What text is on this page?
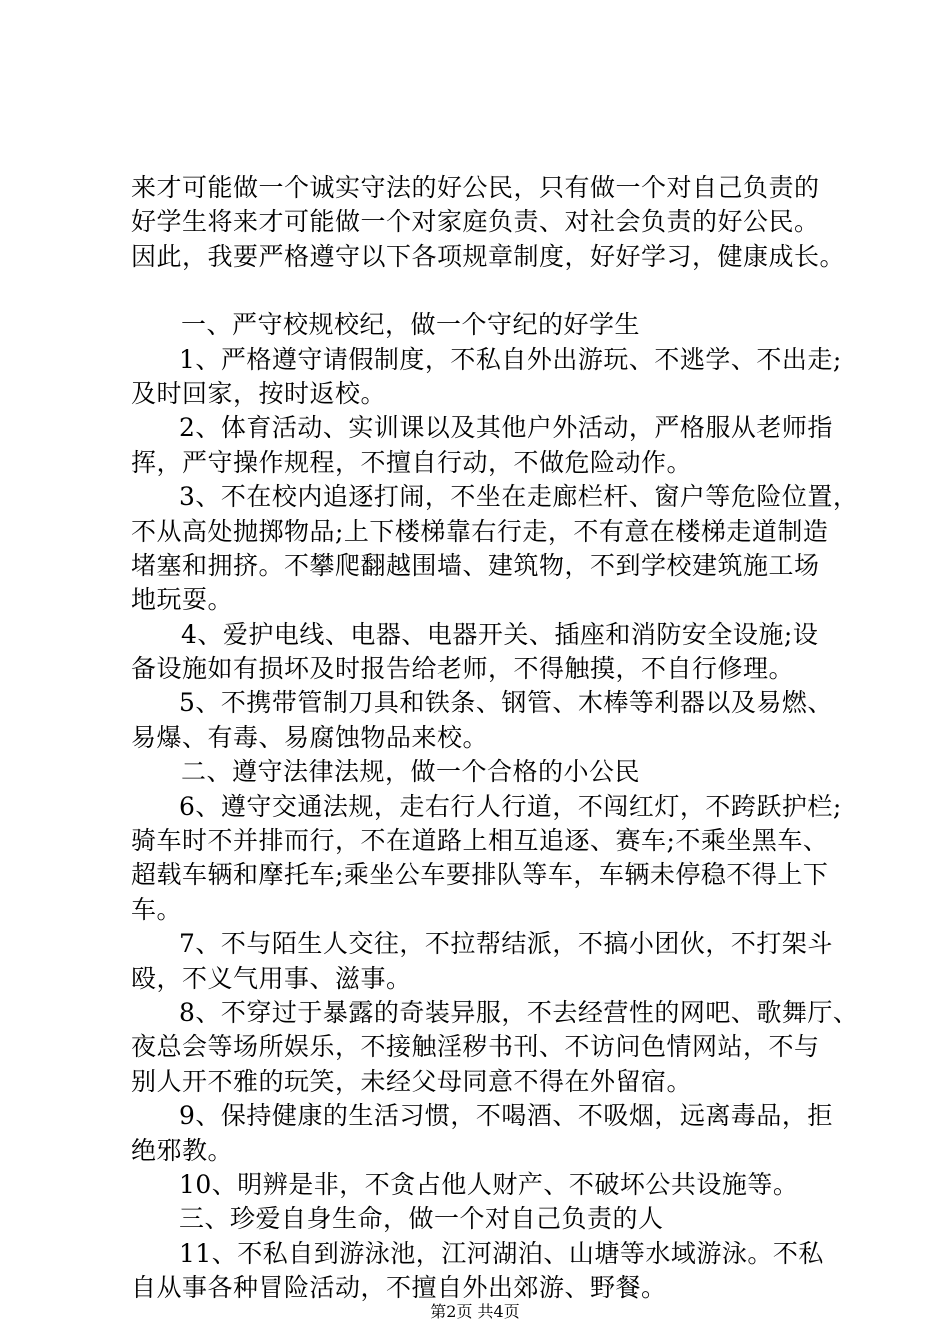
来才可能做一个诚实守法的好公民，只有做一个对自己负责的
好学生将来才可能做一个对家庭负责、对社会负责的好公民。
因此，我要严格遵守以下各项规章制度，好好学习，健康成长。
一、严守校规校纪，做一个守纪的好学生
1、严格遵守请假制度，不私自外出游玩、不逃学、不出走;
及时回家，按时返校。
2、体育活动、实训课以及其他户外活动，严格服从老师指
挥，严守操作规程，不擅自行动，不做危险动作。
3、不在校内追逐打闹，不坐在走廊栏杆、窗户等危险位置，
不从高处抛掷物品;上下楼梯靠右行走，不有意在楼梯走道制造
堵塞和拥挤。不攀爬翻越围墙、建筑物，不到学校建筑施工场
地玩耍。
4、爱护电线、电器、电器开关、插座和消防安全设施;设
备设施如有损坏及时报告给老师，不得触摸，不自行修理。
5、不携带管制刀具和铁条、钢管、木棒等利器以及易燃、
易爆、有毒、易腐蚀物品来校。
二、遵守法律法规，做一个合格的小公民
6、遵守交通法规，走右行人行道，不闯红灯，不跨跃护栏;
骑车时不并排而行，不在道路上相互追逐、赛车;不乘坐黑车、
超载车辆和摩托车;乘坐公车要排队等车，车辆未停稳不得上下
车。
7、不与陌生人交往，不拉帮结派，不搞小团伙，不打架斗
殴，不义气用事、滋事。
8、不穿过于暴露的奇装异服，不去经营性的网吧、歌舞厅、
夜总会等场所娱乐，不接触淫秽书刊、不访问色情网站，不与
别人开不雅的玩笑，未经父母同意不得在外留宿。
9、保持健康的生活习惯，不喝酒、不吸烟，远离毒品，拒
绝邪教。
10、明辨是非，不贪占他人财产、不破坏公共设施等。
三、珍爱自身生命，做一个对自己负责的人
11、不私自到游泳池，江河湖泊、山塘等水域游泳。不私
自从事各种冒险活动，不擅自外出郊游、野餐。
第2页 共4页
